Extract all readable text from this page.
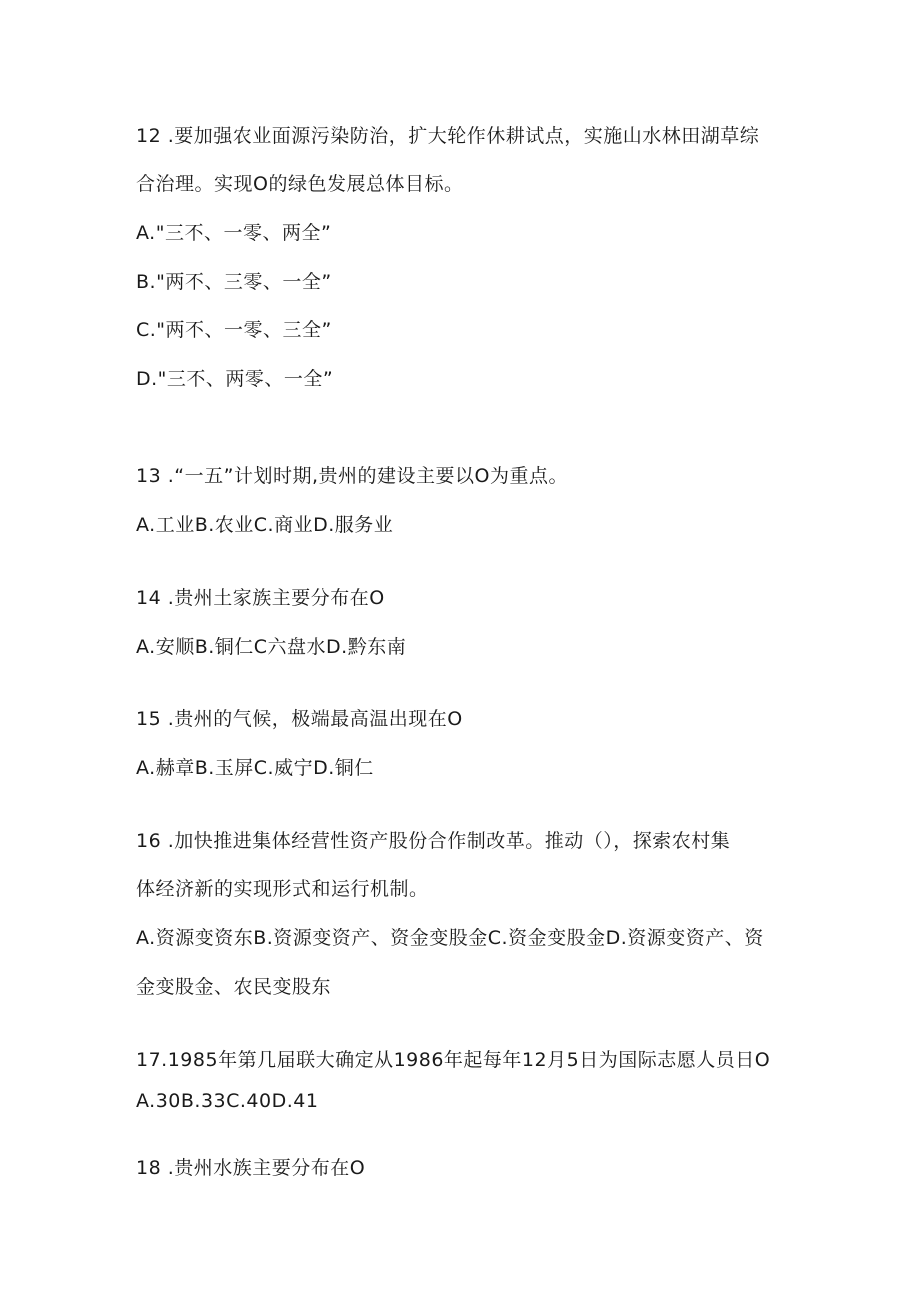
12 .要加强农业面源污染防治，扩大轮作休耕试点，实施山水林田湖草综
合治理。实现O的绿色发展总体目标。
A."三不、一零、两全”
B."两不、三零、一全”
C."两不、一零、三全”
D."三不、两零、一全”
13 .“一五”计划时期,贵州的建设主要以O为重点。
A.工业B.农业C.商业D.服务业
14 .贵州土家族主要分布在O
A.安顺B.铜仁C六盘水D.黔东南
15 .贵州的气候，极端最高温出现在O
A.赫章B.玉屏C.威宁D.铜仁
16 .加快推进集体经营性资产股份合作制改革。推动（），探索农村集
体经济新的实现形式和运行机制。
A.资源变资东B.资源变资产、资金变股金C.资金变股金D.资源变资产、资
金变股金、农民变股东
17.1985年第几届联大确定从1986年起每年12月5日为国际志愿人员日O
A.30B.33C.40D.41
18 .贵州水族主要分布在O
